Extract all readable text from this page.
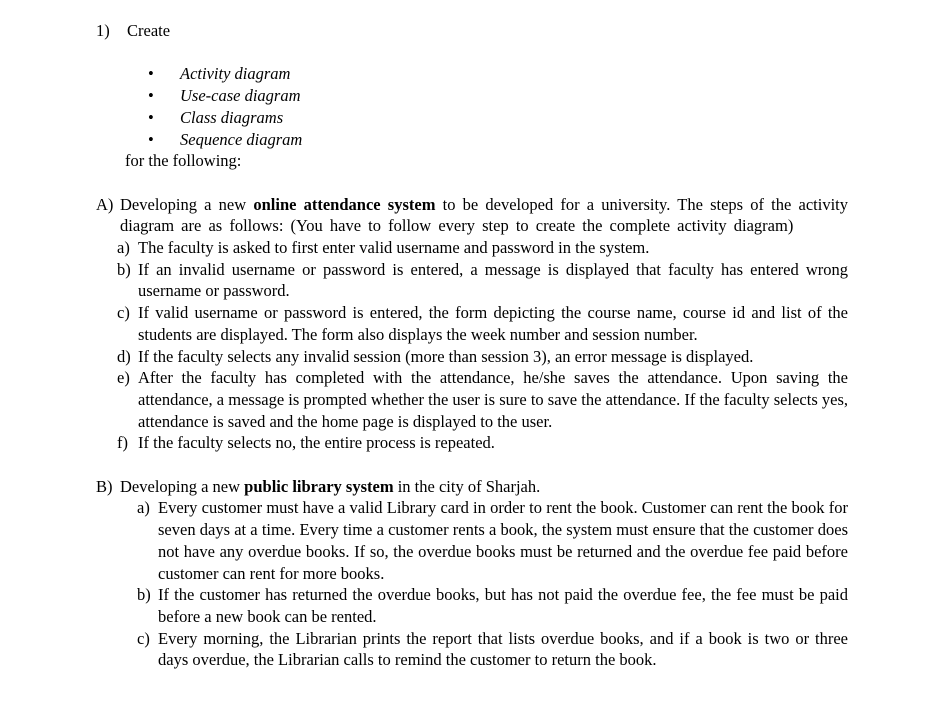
1)	Create
•	Activity diagram
•	Use-case diagram
•	Class diagrams
•	Sequence diagram
for the following:
A) Developing a new online attendance system to be developed for a university. The steps of the activity diagram are as follows: (You have to follow every step to create the complete activity diagram)
a) The faculty is asked to first enter valid username and password in the system.
b) If an invalid username or password is entered, a message is displayed that faculty has entered wrong username or password.
c) If valid username or password is entered, the form depicting the course name, course id and list of the students are displayed. The form also displays the week number and session number.
d) If the faculty selects any invalid session (more than session 3), an error message is displayed.
e) After the faculty has completed with the attendance, he/she saves the attendance. Upon saving the attendance, a message is prompted whether the user is sure to save the attendance. If the faculty selects yes, attendance is saved and the home page is displayed to the user.
f) If the faculty selects no, the entire process is repeated.
B) Developing a new public library system in the city of Sharjah.
a) Every customer must have a valid Library card in order to rent the book. Customer can rent the book for seven days at a time. Every time a customer rents a book, the system must ensure that the customer does not have any overdue books. If so, the overdue books must be returned and the overdue fee paid before customer can rent for more books.
b) If the customer has returned the overdue books, but has not paid the overdue fee, the fee must be paid before a new book can be rented.
c) Every morning, the Librarian prints the report that lists overdue books, and if a book is two or three days overdue, the Librarian calls to remind the customer to return the book.
